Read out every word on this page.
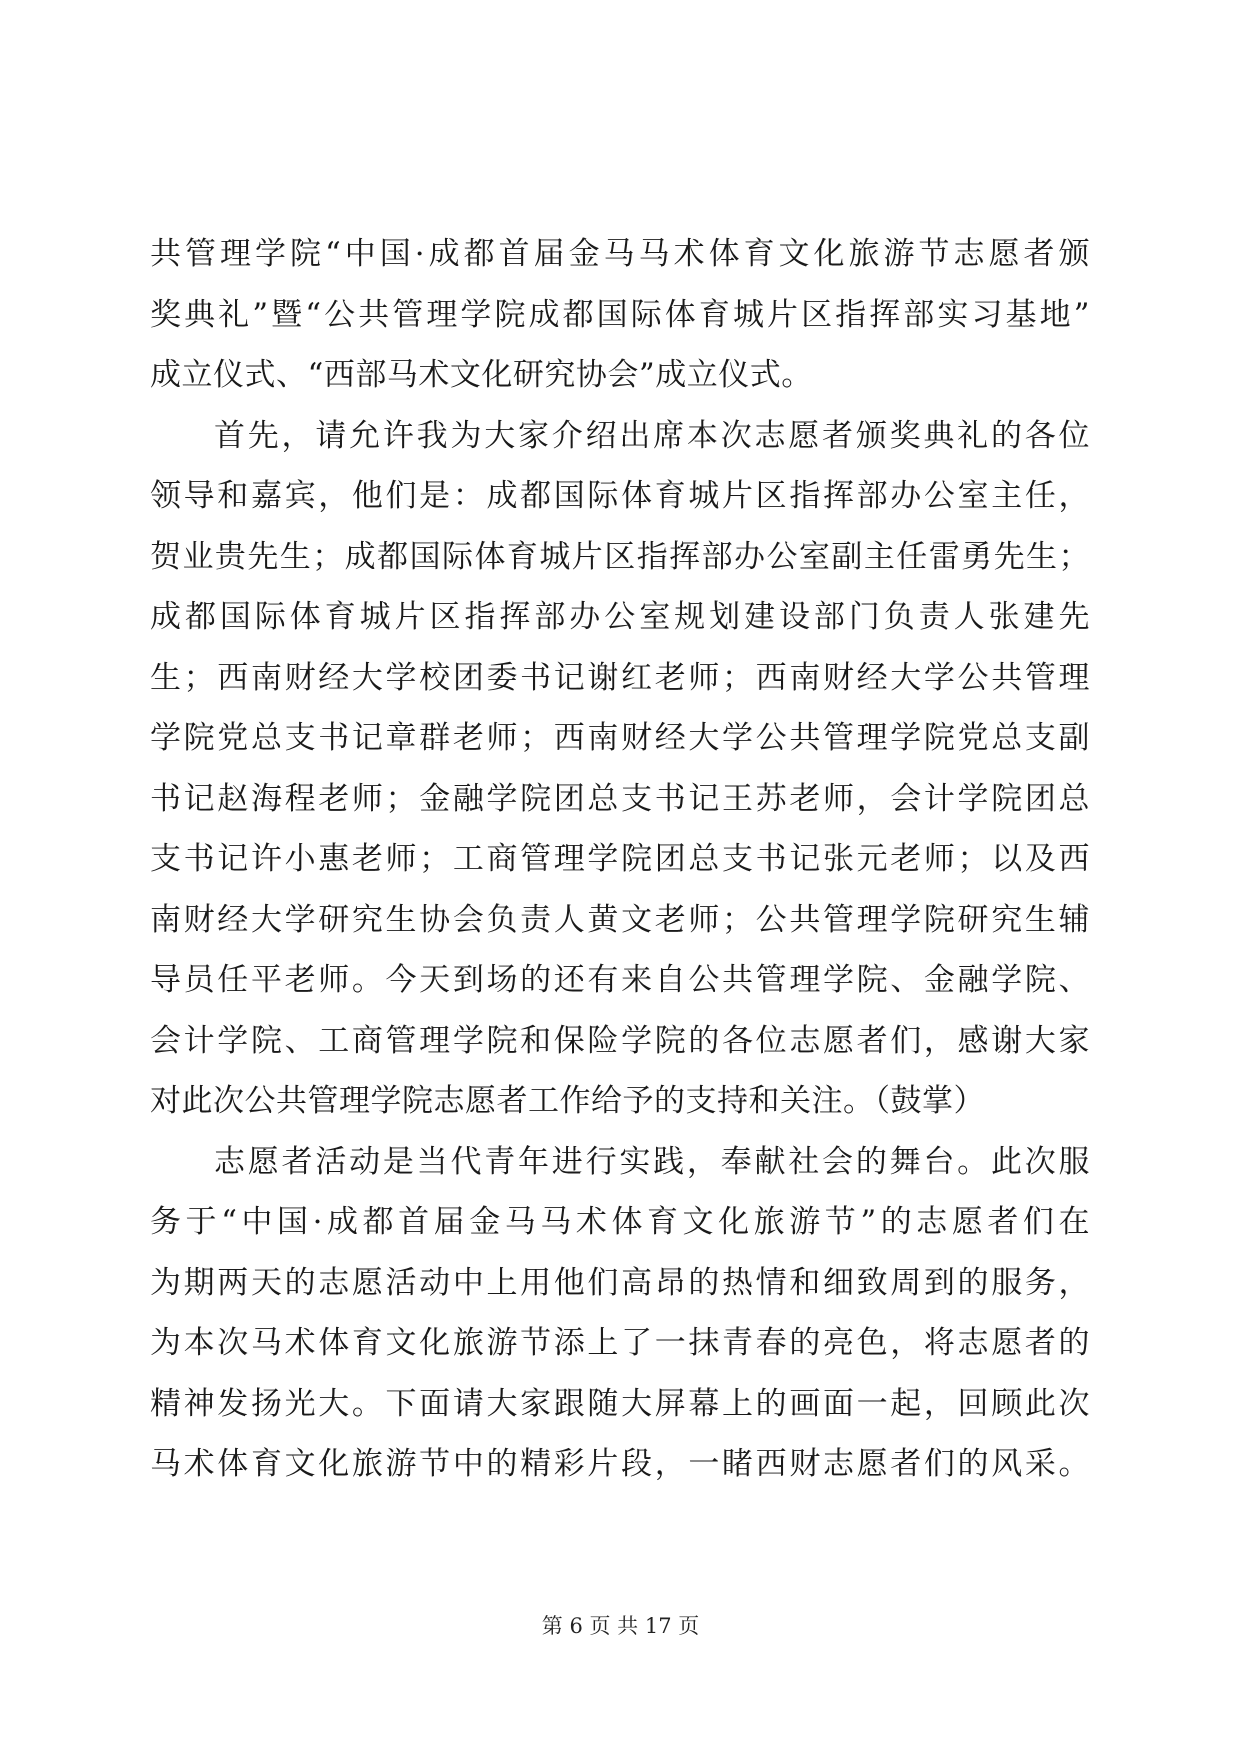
共管理学院“中国·成都首届金马马术体育文化旅游节志愿者颁
奖典礼”暨“公共管理学院成都国际体育城片区指挥部实习基地”
成立仪式、“西部马术文化研究协会”成立仪式。
首先，请允许我为大家介绍出席本次志愿者颁奖典礼的各位
领导和嘉宾，他们是：成都国际体育城片区指挥部办公室主任，
贺业贵先生；成都国际体育城片区指挥部办公室副主任雷勇先生；
成都国际体育城片区指挥部办公室规划建设部门负责人张建先
生；西南财经大学校团委书记谢红老师；西南财经大学公共管理
学院党总支书记章群老师；西南财经大学公共管理学院党总支副
书记赵海程老师；金融学院团总支书记王苏老师，会计学院团总
支书记许小惠老师；工商管理学院团总支书记张元老师；以及西
南财经大学研究生协会负责人黄文老师；公共管理学院研究生辅
导员任平老师。今天到场的还有来自公共管理学院、金融学院、
会计学院、工商管理学院和保险学院的各位志愿者们，感谢大家
对此次公共管理学院志愿者工作给予的支持和关注。（鼓掌）
志愿者活动是当代青年进行实践，奉献社会的舞台。此次服
务于“中国·成都首届金马马术体育文化旅游节”的志愿者们在
为期两天的志愿活动中上用他们高昂的热情和细致周到的服务，
为本次马术体育文化旅游节添上了一抹青春的亮色，将志愿者的
精神发扬光大。下面请大家跟随大屏幕上的画面一起，回顾此次
马术体育文化旅游节中的精彩片段，一睹西财志愿者们的风采。
第 6 页 共 17 页
